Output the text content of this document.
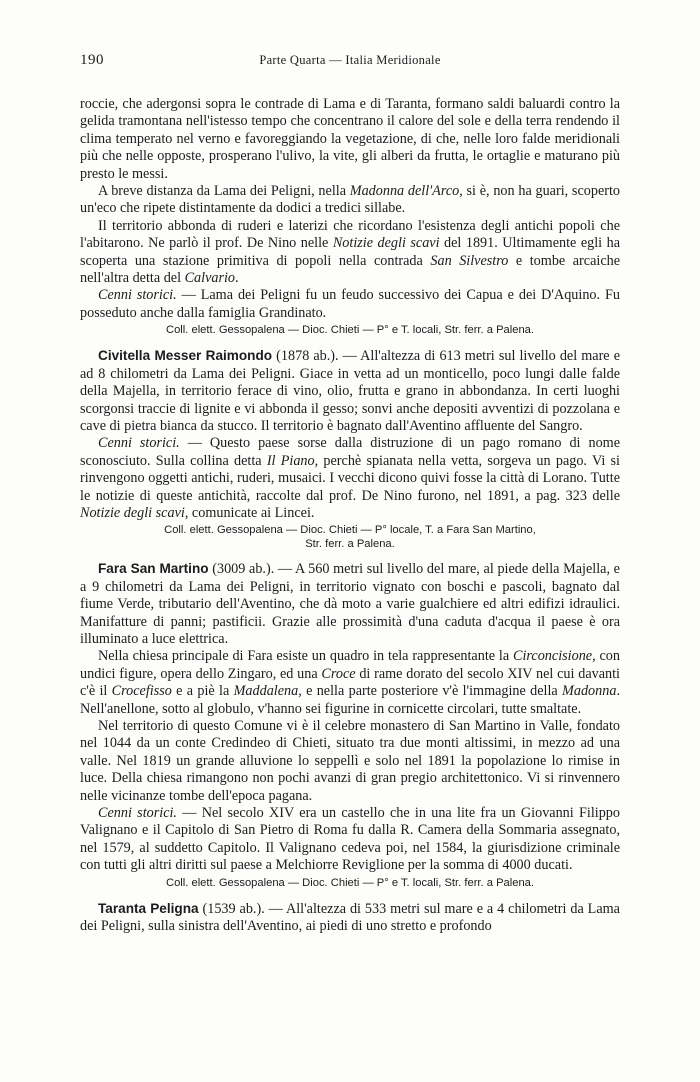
190	Parte Quarta — Italia Meridionale

roccie, che adergonsi sopra le contrade di Lama e di Taranta, formano saldi baluardi contro la gelida tramontana nell'istesso tempo che concentrano il calore del sole e della terra rendendo il clima temperato nel verno e favoreggiando la vegetazione, di che, nelle loro falde meridionali più che nelle opposte, prosperano l'ulivo, la vite, gli alberi da frutta, le ortaglie e maturano più presto le messi.

A breve distanza da Lama dei Peligni, nella Madonna dell'Arco, si è, non ha guari, scoperto un'eco che ripete distintamente da dodici a tredici sillabe.

Il territorio abbonda di ruderi e laterizi che ricordano l'esistenza degli antichi popoli che l'abitarono. Ne parlò il prof. De Nino nelle Notizie degli scavi del 1891. Ultimamente egli ha scoperta una stazione primitiva di popoli nella contrada San Silvestro e tombe arcaiche nell'altra detta del Calvario.

Cenni storici. — Lama dei Peligni fu un feudo successivo dei Capua e dei D'Aquino. Fu posseduto anche dalla famiglia Grandinato.

Coll. elett. Gessopalena — Dioc. Chieti — P° e T. locali, Str. ferr. a Palena.

Civitella Messer Raimondo (1878 ab.). — All'altezza di 613 metri sul livello del mare e ad 8 chilometri da Lama dei Peligni. Giace in vetta ad un monticello, poco lungi dalle falde della Majella, in territorio ferace di vino, olio, frutta e grano in abbondanza. In certi luoghi scorgonsi traccie di lignite e vi abbonda il gesso; sonvi anche depositi avventizi di pozzolana e cave di pietra bianca da stucco. Il territorio è bagnato dall'Aventino affluente del Sangro.

Cenni storici. — Questo paese sorse dalla distruzione di un pago romano di nome sconosciuto. Sulla collina detta Il Piano, perchè spianata nella vetta, sorgeva un pago. Vi si rinvengono oggetti antichi, ruderi, musaici. I vecchi dicono quivi fosse la città di Lorano. Tutte le notizie di queste antichità, raccolte dal prof. De Nino furono, nel 1891, a pag. 323 delle Notizie degli scavi, comunicate ai Lincei.

Coll. elett. Gessopalena — Dioc. Chieti — P° locale, T. a Fara San Martino,
Str. ferr. a Palena.

Fara San Martino (3009 ab.). — A 560 metri sul livello del mare, al piede della Majella, e a 9 chilometri da Lama dei Peligni, in territorio vignato con boschi e pascoli, bagnato dal fiume Verde, tributario dell'Aventino, che dà moto a varie gualchiere ed altri edifizi idraulici. Manifatture di panni; pastificii. Grazie alle prossimità d'una caduta d'acqua il paese è ora illuminato a luce elettrica.

Nella chiesa principale di Fara esiste un quadro in tela rappresentante la Circoncisione, con undici figure, opera dello Zingaro, ed una Croce di rame dorato del secolo XIV nel cui davanti c'è il Crocefisso e a piè la Maddalena, e nella parte posteriore v'è l'immagine della Madonna. Nell'anellone, sotto al globulo, v'hanno sei figurine in cornicette circolari, tutte smaltate.

Nel territorio di questo Comune vi è il celebre monastero di San Martino in Valle, fondato nel 1044 da un conte Credindeo di Chieti, situato tra due monti altissimi, in mezzo ad una valle. Nel 1819 un grande alluvione lo seppellì e solo nel 1891 la popolazione lo rimise in luce. Della chiesa rimangono non pochi avanzi di gran pregio architettonico. Vi si rinvennero nelle vicinanze tombe dell'epoca pagana.

Cenni storici. — Nel secolo XIV era un castello che in una lite fra un Giovanni Filippo Valignano e il Capitolo di San Pietro di Roma fu dalla R. Camera della Sommaria assegnato, nel 1579, al suddetto Capitolo. Il Valignano cedeva poi, nel 1584, la giurisdizione criminale con tutti gli altri diritti sul paese a Melchiorre Reviglione per la somma di 4000 ducati.

Coll. elett. Gessopalena — Dioc. Chieti — P° e T. locali, Str. ferr. a Palena.

Taranta Peligna (1539 ab.). — All'altezza di 533 metri sul mare e a 4 chilometri da Lama dei Peligni, sulla sinistra dell'Aventino, ai piedi di uno stretto e profondo
